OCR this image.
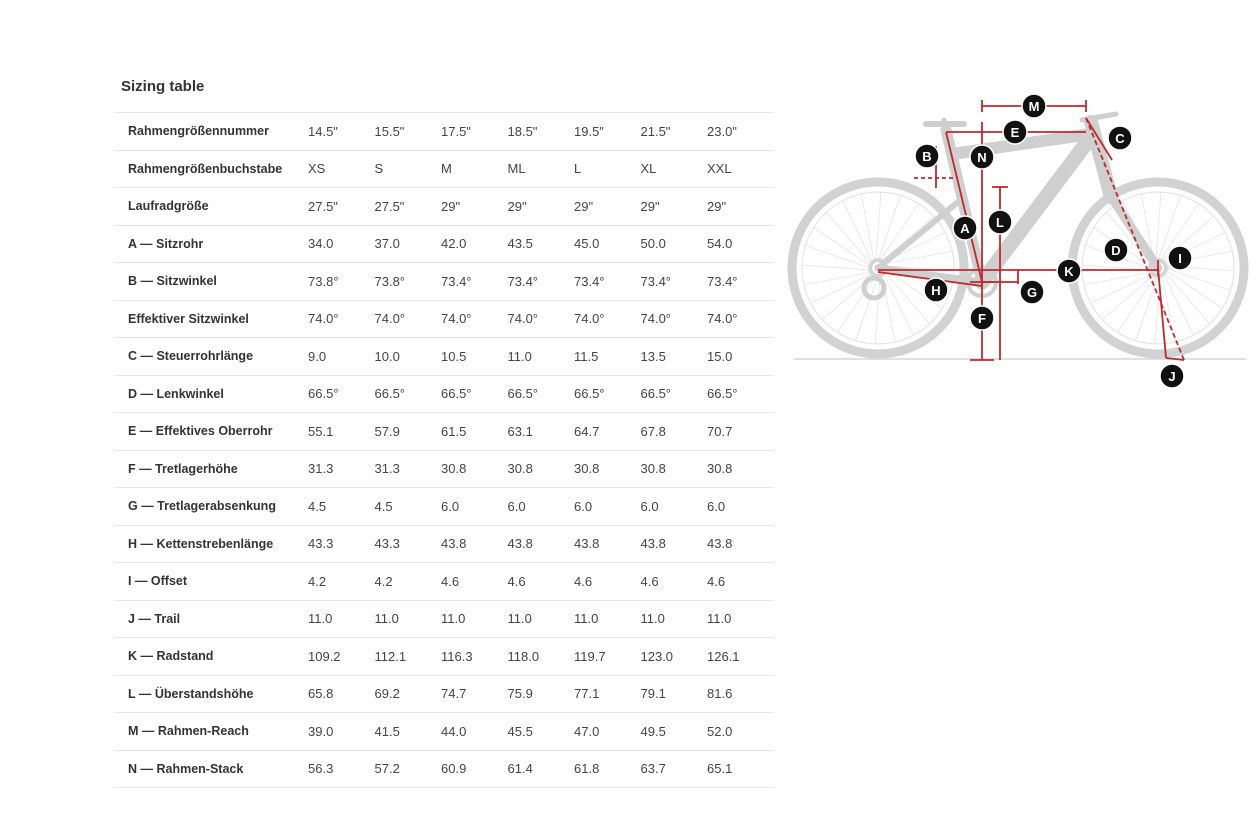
Sizing table
Rahmengrößennummer	14.5"	15.5"	17.5"	18.5"	19.5"	21.5"	23.0"
Rahmengrößenbuchstabe	XS	S	M	ML	L	XL	XXL
Laufradgröße	27.5"	27.5"	29"	29"	29"	29"	29"
A — Sitzrohr	34.0	37.0	42.0	43.5	45.0	50.0	54.0
B — Sitzwinkel	73.8°	73.8°	73.4°	73.4°	73.4°	73.4°	73.4°
Effektiver Sitzwinkel	74.0°	74.0°	74.0°	74.0°	74.0°	74.0°	74.0°
C — Steuerrohrlänge	9.0	10.0	10.5	11.0	11.5	13.5	15.0
D — Lenkwinkel	66.5°	66.5°	66.5°	66.5°	66.5°	66.5°	66.5°
E — Effektives Oberrohr	55.1	57.9	61.5	63.1	64.7	67.8	70.7
F — Tretlagerhöhe	31.3	31.3	30.8	30.8	30.8	30.8	30.8
G — Tretlagerabsenkung	4.5	4.5	6.0	6.0	6.0	6.0	6.0
H — Kettenstrebenlänge	43.3	43.3	43.8	43.8	43.8	43.8	43.8
I — Offset	4.2	4.2	4.6	4.6	4.6	4.6	4.6
J — Trail	11.0	11.0	11.0	11.0	11.0	11.0	11.0
K — Radstand	109.2	112.1	116.3	118.0	119.7	123.0	126.1
L — Überstandshöhe	65.8	69.2	74.7	75.9	77.1	79.1	81.6
M — Rahmen-Reach	39.0	41.5	44.0	45.5	47.0	49.5	52.0
N — Rahmen-Stack	56.3	57.2	60.9	61.4	61.8	63.7	65.1
A
B
C
D
E
F
G
H
I
J
K
L
M
N
